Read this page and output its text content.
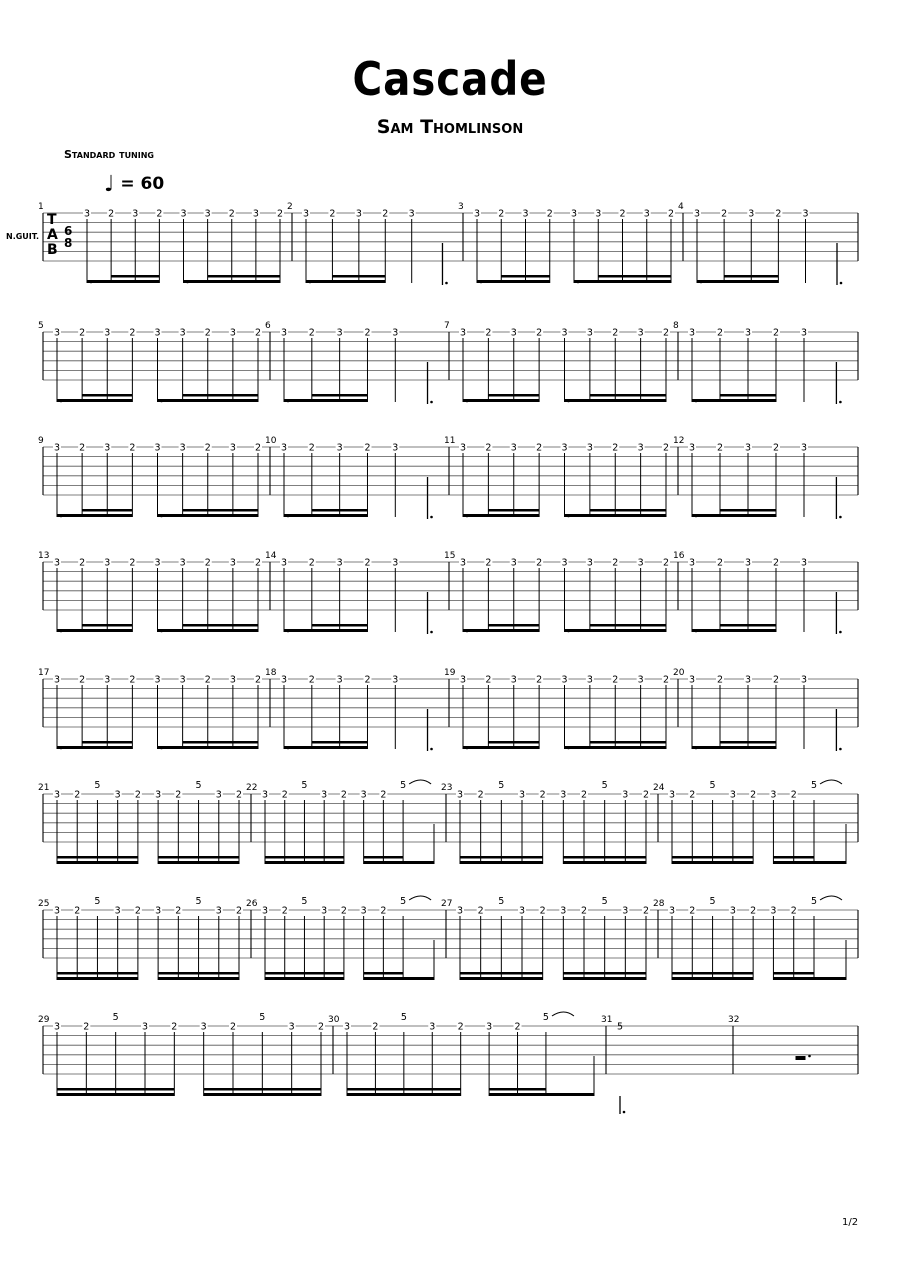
Cascade
Sam Thomlinson
Standard tuning
♩ = 60
N.GUIT.
1/2
T
A
B
6
8
1
3 2 3 2 3 3 2 3 2
2
3 2 3 2 3
3
3 2 3 2 3 3 2 3 2
4
3 2 3 2 3
5
3 2 3 2 3 3 2 3 2
6
3 2 3 2 3
7
3 2 3 2 3 3 2 3 2
8
3 2 3 2 3
9
3 2 3 2 3 3 2 3 2
10
3 2 3 2 3
11
3 2 3 2 3 3 2 3 2
12
3 2 3 2 3
13
3 2 3 2 3 3 2 3 2
14
3 2 3 2 3
15
3 2 3 2 3 3 2 3 2
16
3 2 3 2 3
17
3 2 3 2 3 3 2 3 2
18
3 2 3 2 3
19
3 2 3 2 3 3 2 3 2
20
3 2 3 2 3
21
3 2
5
3 2 3 2
5
3 2
22
3 2
5
3 2 3 2
5	23
3 2
5
3 2 3 2
5
3 2
24
3 2
5
3 2 3 2
5
25
3 2
5
3 2 3 2
5
3 2
26
3 2
5
3 2 3 2
5	27
3 2
5
3 2 3 2
5
3 2
28
3 2
5
3 2 3 2
5
29
3 2
5
3 2 3 2
5
3 2
30
3 2
5
3 2 3 2
5	31
5
32
